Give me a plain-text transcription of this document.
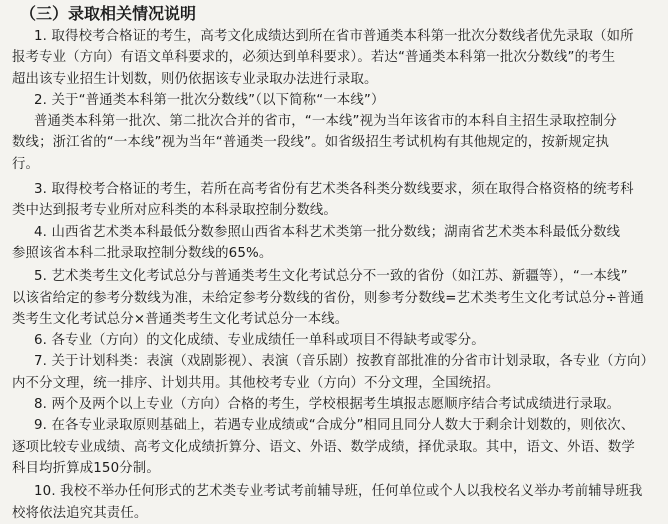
（三）录取相关情况说明
1. 取得校考合格证的考生，高考文化成绩达到所在省市普通类本科第一批次分数线者优先录取（如所
报考专业（方向）有语文单科要求的，必须达到单科要求）。若达“普通类本科第一批次分数线”的考生
超出该专业招生计划数，则仍依据该专业录取办法进行录取。
2. 关于“普通类本科第一批次分数线”（以下简称“一本线”）
普通类本科第一批次、第二批次合并的省市，“一本线”视为当年该省市的本科自主招生录取控制分
数线；浙江省的“一本线”视为当年“普通类一段线”。如省级招生考试机构有其他规定的，按新规定执
行。
3. 取得校考合格证的考生，若所在高考省份有艺术类各科类分数线要求，须在取得合格资格的统考科
类中达到报考专业所对应科类的本科录取控制分数线。
4. 山西省艺术类本科最低分数参照山西省本科艺术类第一批分数线；湖南省艺术类本科最低分数线
参照该省本科二批录取控制分数线的65%。
5. 艺术类考生文化考试总分与普通类考生文化考试总分不一致的省份（如江苏、新疆等），“一本线”
以该省给定的参考分数线为准，未给定参考分数线的省份，则参考分数线=艺术类考生文化考试总分÷普通
类考生文化考试总分×普通类考生文化考试总分一本线。
6. 各专业（方向）的文化成绩、专业成绩任一单科或项目不得缺考或零分。
7. 关于计划科类：表演（戏剧影视）、表演（音乐剧）按教育部批准的分省市计划录取，各专业（方向）
内不分文理，统一排序、计划共用。其他校考专业（方向）不分文理，全国统招。
8. 两个及两个以上专业（方向）合格的考生，学校根据考生填报志愿顺序结合考试成绩进行录取。
9. 在各专业录取原则基础上，若遇专业成绩或“合成分”相同且同分人数大于剩余计划数的，则依次、
逐项比较专业成绩、高考文化成绩折算分、语文、外语、数学成绩，择优录取。其中，语文、外语、数学
科目均折算成150分制。
10. 我校不举办任何形式的艺术类专业考试考前辅导班，任何单位或个人以我校名义举办考前辅导班我
校将依法追究其责任。
